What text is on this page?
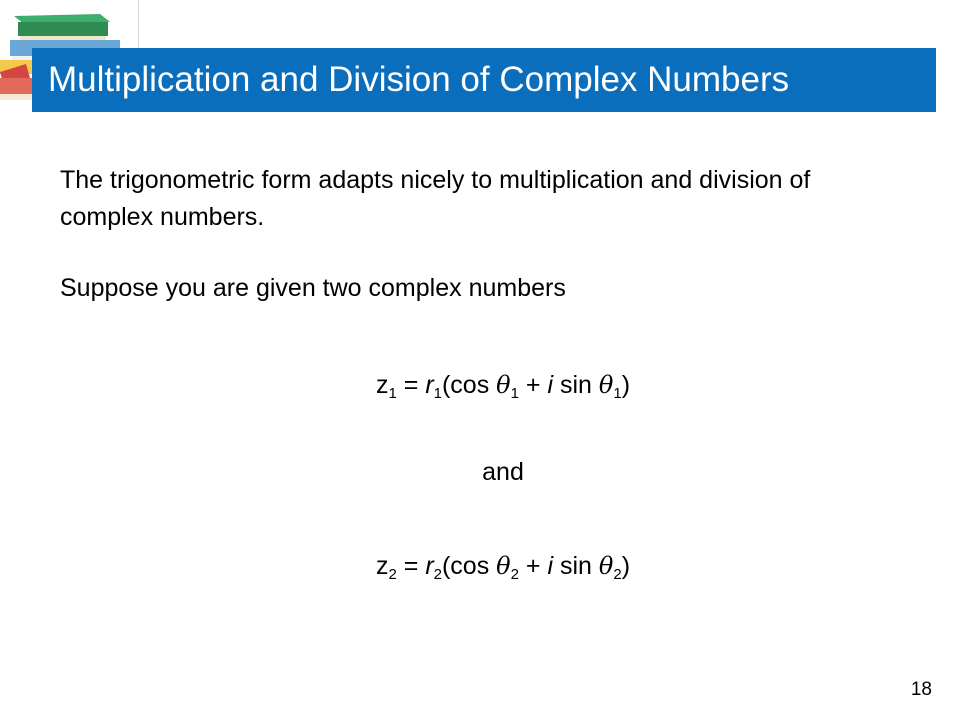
Multiplication and Division of Complex Numbers
The trigonometric form adapts nicely to multiplication and division of complex numbers.
Suppose you are given two complex numbers
$z_1 = r_1(\cos$ $\theta_1 + i$ $\sin \theta_1$)
and
$z_2 = r_2(\cos$ $\theta_2 + i$ $\sin \theta_2$)
18
